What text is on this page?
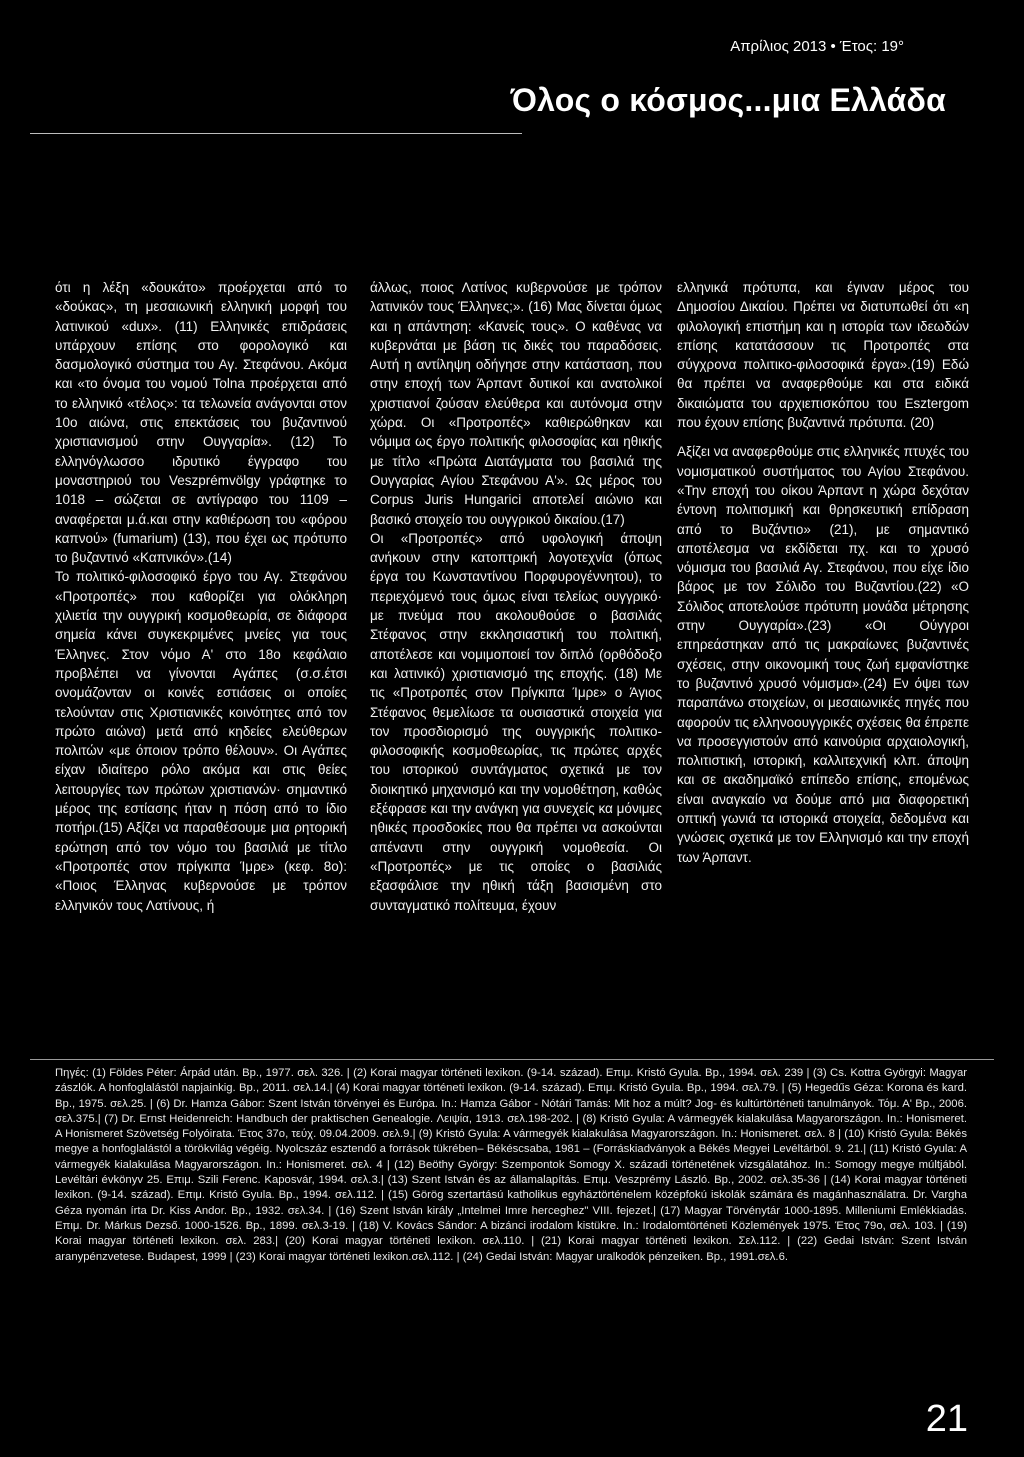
Απρίλιος 2013 • Έτος: 19°
Όλος ο κόσμος...μια Ελλάδα

ότι η λέξη «δουκάτο» προέρχεται από το «δούκας», τη μεσαιωνική ελληνική μορφή του λατινικού «dux». (11) Ελληνικές επιδράσεις υπάρχουν επίσης στο φορολογικό και δασμολογικό σύστημα του Αγ. Στεφάνου. Ακόμα και «το όνομα του νομού Tolna προέρχεται από το ελληνικό «τέλος»: τα τελωνεία ανάγονται στον 10ο αιώνα, στις επεκτάσεις του βυζαντινού χριστιανισμού στην Ουγγαρία». (12) Το ελληνόγλωσσο ιδρυτικό έγγραφο του μοναστηριού του Veszprémvölgy γράφτηκε το 1018 – σώζεται σε αντίγραφο του 1109 – αναφέρεται μ.ά.και στην καθιέρωση του «φόρου καπνού» (fumarium) (13), που έχει ως πρότυπο το βυζαντινό «Καπνικόν».(14)

Το πολιτικό-φιλοσοφικό έργο του Αγ. Στεφάνου «Προτροπές» που καθορίζει για ολόκληρη χιλιετία την ουγγρική κοσμοθεωρία, σε διάφορα σημεία κάνει συγκεκριμένες μνείες για τους Έλληνες. Στον νόμο Α' στο 18ο κεφάλαιο προβλέπει να γίνονται Αγάπες (σ.σ.έτσι ονομάζονταν οι κοινές εστιάσεις οι οποίες τελούνταν στις Χριστιανικές κοινότητες από τον πρώτο αιώνα) μετά από κηδείες ελεύθερων πολιτών «με όποιον τρόπο θέλουν». Οι Αγάπες είχαν ιδιαίτερο ρόλο ακόμα και στις θείες λειτουργίες των πρώτων χριστιανών· σημαντικό μέρος της εστίασης ήταν η πόση από το ίδιο ποτήρι.(15) Αξίζει να παραθέσουμε μια ρητορική ερώτηση από τον νόμο του βασιλιά με τίτλο «Προτροπές στον πρίγκιπα Ίμρε» (κεφ. 8ο): «Ποιος Έλληνας κυβερνούσε με τρόπον ελληνικόν τους Λατίνους, ή

άλλως, ποιος Λατίνος κυβερνούσε με τρόπον λατινικόν τους Έλληνες;». (16) Μας δίνεται όμως και η απάντηση: «Κανείς τους». Ο καθένας να κυβερνάται με βάση τις δικές του παραδόσεις. Αυτή η αντίληψη οδήγησε στην κατάσταση, που στην εποχή των Άρπαντ δυτικοί και ανατολικοί χριστιανοί ζούσαν ελεύθερα και αυτόνομα στην χώρα. Οι «Προτροπές» καθιερώθηκαν και νόμιμα ως έργο πολιτικής φιλοσοφίας και ηθικής με τίτλο «Πρώτα Διατάγματα του βασιλιά της Ουγγαρίας Αγίου Στεφάνου Α'». Ως μέρος του Corpus Juris Hungarici αποτελεί αιώνιο και βασικό στοιχείο του ουγγρικού δικαίου.(17)

Οι «Προτροπές» από υφολογική άποψη ανήκουν στην κατοπτρική λογοτεχνία (όπως έργα του Κωνσταντίνου Πορφυρογέννητου), το περιεχόμενό τους όμως είναι τελείως ουγγρικό· με πνεύμα που ακολουθούσε ο βασιλιάς Στέφανος στην εκκλησιαστική του πολιτική, αποτέλεσε και νομιμοποιεί τον διπλό (ορθόδοξο και λατινικό) χριστιανισμό της εποχής. (18) Με τις «Προτροπές στον Πρίγκιπα Ίμρε» ο Άγιος Στέφανος θεμελίωσε τα ουσιαστικά στοιχεία για τον προσδιορισμό της ουγγρικής πολιτικο-φιλοσοφικής κοσμοθεωρίας, τις πρώτες αρχές του ιστορικού συντάγματος σχετικά με τον διοικητικό μηχανισμό και την νομοθέτηση, καθώς εξέφρασε και την ανάγκη για συνεχείς κα μόνιμες ηθικές προσδοκίες που θα πρέπει να ασκούνται απέναντι στην ουγγρική νομοθεσία. Οι «Προτροπές» με τις οποίες ο βασιλιάς εξασφάλισε την ηθική τάξη βασισμένη στο συνταγματικό πολίτευμα, έχουν

ελληνικά πρότυπα, και έγιναν μέρος του Δημοσίου Δικαίου. Πρέπει να διατυπωθεί ότι «η φιλολογική επιστήμη και η ιστορία των ιδεωδών επίσης κατατάσσουν τις Προτροπές στα σύγχρονα πολιτικο-φιλοσοφικά έργα».(19) Εδώ θα πρέπει να αναφερθούμε και στα ειδικά δικαιώματα του αρχιεπισκόπου του Esztergom που έχουν επίσης βυζαντινά πρότυπα. (20)

Αξίζει να αναφερθούμε στις ελληνικές πτυχές του νομισματικού συστήματος του Αγίου Στεφάνου. «Την εποχή του οίκου Άρπαντ η χώρα δεχόταν έντονη πολιτισμική και θρησκευτική επίδραση από το Βυζάντιο» (21), με σημαντικό αποτέλεσμα να εκδίδεται πχ. και το χρυσό νόμισμα του βασιλιά Αγ. Στεφάνου, που είχε ίδιο βάρος με τον Σόλιδο του Βυζαντίου.(22) «Ο Σόλιδος αποτελούσε πρότυπη μονάδα μέτρησης στην Ουγγαρία».(23) «Οι Ούγγροι επηρεάστηκαν από τις μακραίωνες βυζαντινές σχέσεις, στην οικονομική τους ζωή εμφανίστηκε το βυζαντινό χρυσό νόμισμα».(24) Εν όψει των παραπάνω στοιχείων, οι μεσαιωνικές πηγές που αφορούν τις ελληνοουγγρικές σχέσεις θα έπρεπε να προσεγγιστούν από καινούρια αρχαιολογική, πολιτιστική, ιστορική, καλλιτεχνική κλπ. άποψη και σε ακαδημαϊκό επίπεδο επίσης, επομένως είναι αναγκαίο να δούμε από μια διαφορετική οπτική γωνιά τα ιστορικά στοιχεία, δεδομένα και γνώσεις σχετικά με τον Ελληνισμό και την εποχή των Άρπαντ.

Πηγές: (1) Földes Péter: Árpád után. Bp., 1977. σελ. 326. | (2) Korai magyar történeti lexikon. (9-14. század). Επιμ. Kristó Gyula. Bp., 1994. σελ. 239 | (3) Cs. Kottra Györgyi: Magyar zászlók. A honfoglalástól napjainkig. Bp., 2011. σελ.14.| (4) Korai magyar történeti lexikon. (9-14. század). Επιμ. Kristó Gyula. Bp., 1994. σελ.79. | (5) Hegedűs Géza: Korona és kard. Bp., 1975. σελ.25. | (6) Dr. Hamza Gábor: Szent István törvényei és Európa. In.: Hamza Gábor - Nótári Tamás: Mit hoz a múlt? Jog- és kultúrtörténeti tanulmányok. Τόμ. Α' Bp., 2006. σελ.375.| (7) Dr. Ernst Heidenreich: Handbuch der praktischen Genealogie. Λειψία, 1913. σελ.198-202. | (8) Kristó Gyula: A vármegyék kialakulása Magyarországon. In.: Honismeret. A Honismeret Szövetség Folyóirata. Έτος 37ο, τεύχ. 09.04.2009. σελ.9.| (9) Kristó Gyula: A vármegyék kialakulása Magyarországon. In.: Honismeret. σελ. 8 | (10) Kristó Gyula: Békés megye a honfoglalástól a törökvilág végéig. Nyolcszáz esztendő a források tükrében– Békéscsaba, 1981 – (Forráskiadványok a Békés Megyei Levéltárból. 9. 21.| (11) Kristó Gyula: A vármegyék kialakulása Magyarországon. In.: Honismeret. σελ. 4 | (12) Beöthy György: Szempontok Somogy X. századi történetének vizsgálatához. In.: Somogy megye múltjából. Levéltári évkönyv 25. Επιμ. Szili Ferenc. Kaposvár, 1994. σελ.3.| (13) Szent István és az államalapítás. Επιμ. Veszprémy László. Bp., 2002. σελ.35-36 | (14) Korai magyar történeti lexikon. (9-14. század). Επιμ. Kristó Gyula. Bp., 1994. σελ.112. | (15) Görög szertartású katholikus egyháztörténelem középfokú iskolák számára és magánhasználatra. Dr. Vargha Géza nyomán írta Dr. Kiss Andor. Bp., 1932. σελ.34. | (16) Szent István király „Intelmei Imre herceghez" VIII. fejezet.| (17) Magyar Törvénytár 1000-1895. Milleniumi Emlékkiadás. Επιμ. Dr. Márkus Dezső. 1000-1526. Bp., 1899. σελ.3-19. | (18) V. Kovács Sándor: A bizánci irodalom kistükre. In.: Irodalomtörténeti Közlemények 1975. Έτος 79ο, σελ. 103. | (19) Korai magyar történeti lexikon. σελ. 283.| (20) Korai magyar történeti lexikon. σελ.110. | (21) Korai magyar történeti lexikon. Σελ.112. | (22) Gedai István: Szent István aranypénzvetese. Budapest, 1999 | (23) Korai magyar történeti lexikon.σελ.112. | (24) Gedai István: Magyar uralkodók pénzeiken. Bp., 1991.σελ.6.
21
